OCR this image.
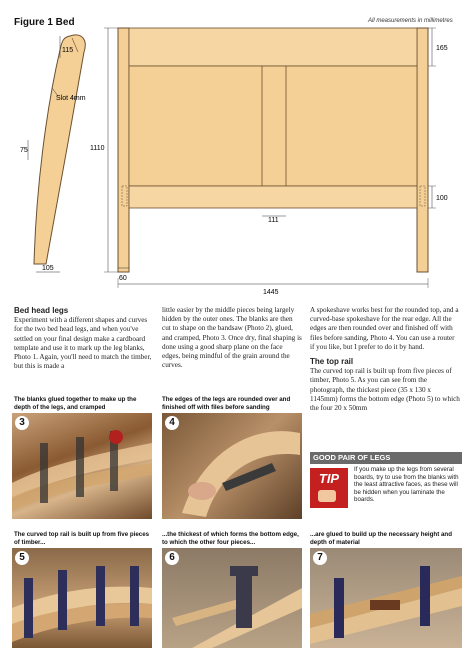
Figure 1 Bed	All measurements in millimetres
115
Slot 4mm
75
105
1110
60
1445
111
165
100
Bed head legs
Experiment with a different shapes and curves for the two bed head legs, and when you've settled on your final design make a cardboard template and use it to mark up the leg blanks, Photo 1. Again, you'll need to match the timber, but this is made a
little easier by the middle pieces being largely hidden by the outer ones. The blanks are then cut to shape on the bandsaw (Photo 2), glued, and cramped, Photo 3. Once dry, final shaping is done using a good sharp plane on the face edges, being mindful of the grain around the curves.
A spokeshave works best for the rounded top, and a curved-base spokeshave for the rear edge. All the edges are then rounded over and finished off with files before sanding, Photo 4. You can use a router if you like, but I prefer to do it by hand.
The top rail
The curved top rail is built up from five pieces of timber, Photo 5. As you can see from the photograph, the thickest piece (35 x 130 x 1145mm) forms the bottom edge (Photo 5) to which the four 20 x 50mm
The blanks glued together to make up the depth of the legs, and cramped
3
The edges of the legs are rounded over and finished off with files before sanding
4
GOOD PAIR OF LEGS
TIP
If you make up the legs from several boards, try to use from the blanks with the least attractive faces, as these will be hidden when you laminate the boards.
The curved top rail is built up from five pieces of timber...
5
...the thickest of which forms the bottom edge, to which the other four pieces...
6
...are glued to build up the necessary height and depth of material
7
